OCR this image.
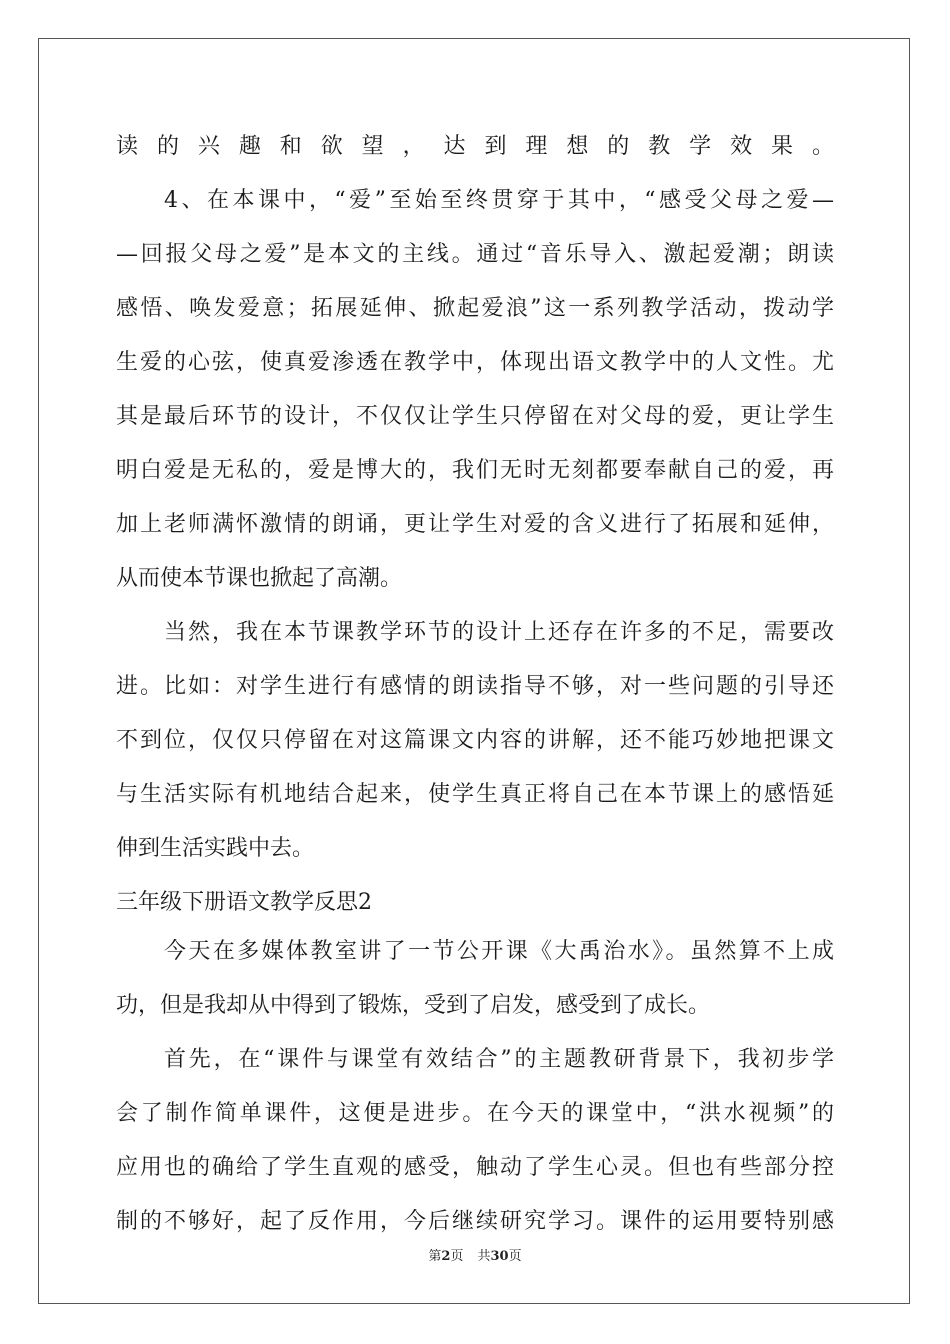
读的兴趣和欲望，达到理想的教学效果。
4、在本课中，“爱”至始至终贯穿于其中，“感受父母之爱—
—回报父母之爱”是本文的主线。通过“音乐导入、激起爱潮；朗读
感悟、唤发爱意；拓展延伸、掀起爱浪”这一系列教学活动，拨动学
生爱的心弦，使真爱渗透在教学中，体现出语文教学中的人文性。尤
其是最后环节的设计，不仅仅让学生只停留在对父母的爱，更让学生
明白爱是无私的，爱是博大的，我们无时无刻都要奉献自己的爱，再
加上老师满怀激情的朗诵，更让学生对爱的含义进行了拓展和延伸，
从而使本节课也掀起了高潮。
当然，我在本节课教学环节的设计上还存在许多的不足，需要改
进。比如：对学生进行有感情的朗读指导不够，对一些问题的引导还
不到位，仅仅只停留在对这篇课文内容的讲解，还不能巧妙地把课文
与生活实际有机地结合起来，使学生真正将自己在本节课上的感悟延
伸到生活实践中去。
三年级下册语文教学反思2
今天在多媒体教室讲了一节公开课《大禹治水》。虽然算不上成
功，但是我却从中得到了锻炼，受到了启发，感受到了成长。
首先，在“课件与课堂有效结合”的主题教研背景下，我初步学
会了制作简单课件，这便是进步。在今天的课堂中，“洪水视频”的
应用也的确给了学生直观的感受，触动了学生心灵。但也有些部分控
制的不够好，起了反作用，今后继续研究学习。课件的运用要特别感
第2页 共30页
